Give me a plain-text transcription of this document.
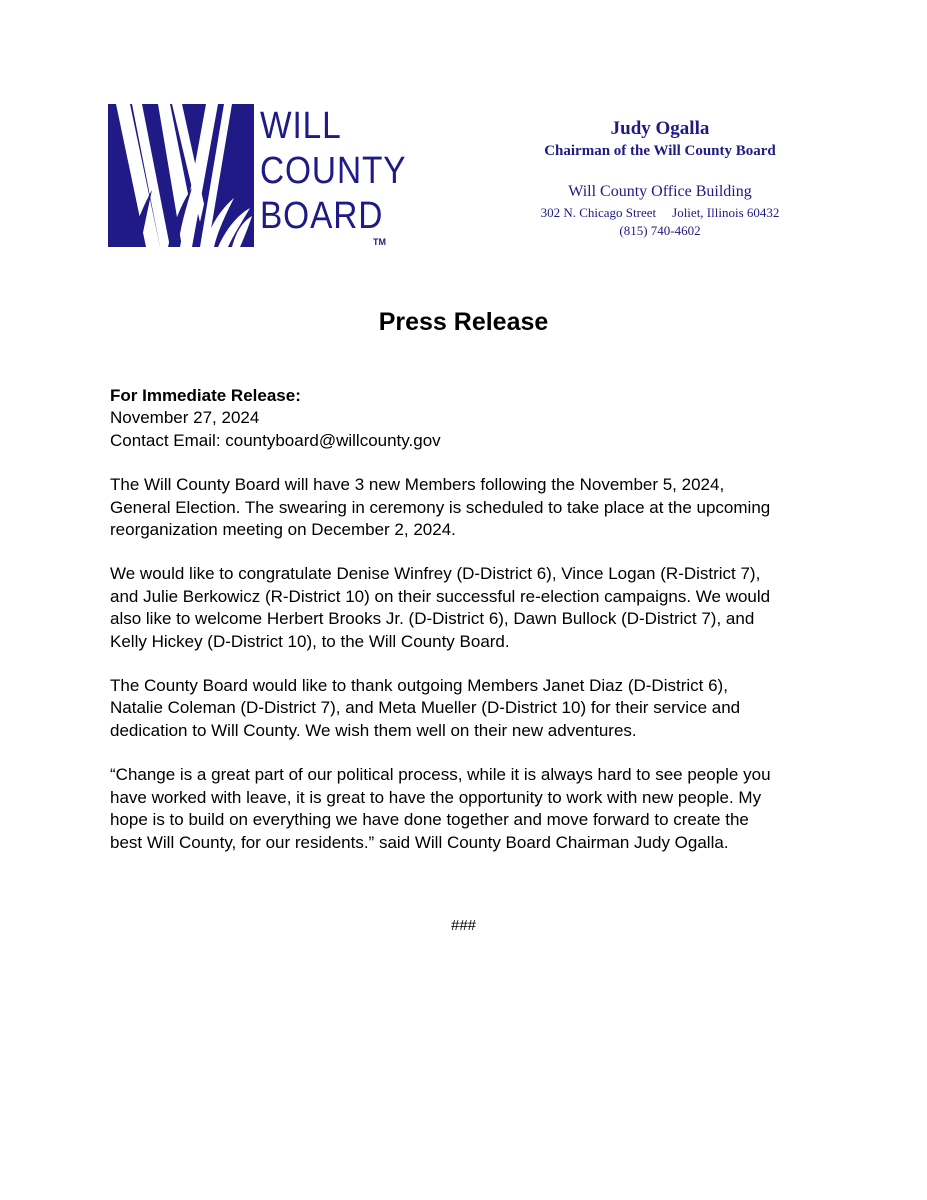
WILL
COUNTY
BOARD
TM
Judy Ogalla
Chairman of the Will County Board
Will County Office Building
302 N. Chicago Street Joliet, Illinois 60432
(815) 740-4602
Press Release

For Immediate Release:
November 27, 2024
Contact Email: countyboard@willcounty.gov

The Will County Board will have 3 new Members following the November 5, 2024,
General Election. The swearing in ceremony is scheduled to take place at the upcoming
reorganization meeting on December 2, 2024.

We would like to congratulate Denise Winfrey (D-District 6), Vince Logan (R-District 7),
and Julie Berkowicz (R-District 10) on their successful re-election campaigns. We would
also like to welcome Herbert Brooks Jr. (D-District 6), Dawn Bullock (D-District 7), and
Kelly Hickey (D-District 10), to the Will County Board.

The County Board would like to thank outgoing Members Janet Diaz (D-District 6),
Natalie Coleman (D-District 7), and Meta Mueller (D-District 10) for their service and
dedication to Will County. We wish them well on their new adventures.

“Change is a great part of our political process, while it is always hard to see people you
have worked with leave, it is great to have the opportunity to work with new people. My
hope is to build on everything we have done together and move forward to create the
best Will County, for our residents.” said Will County Board Chairman Judy Ogalla.

###
